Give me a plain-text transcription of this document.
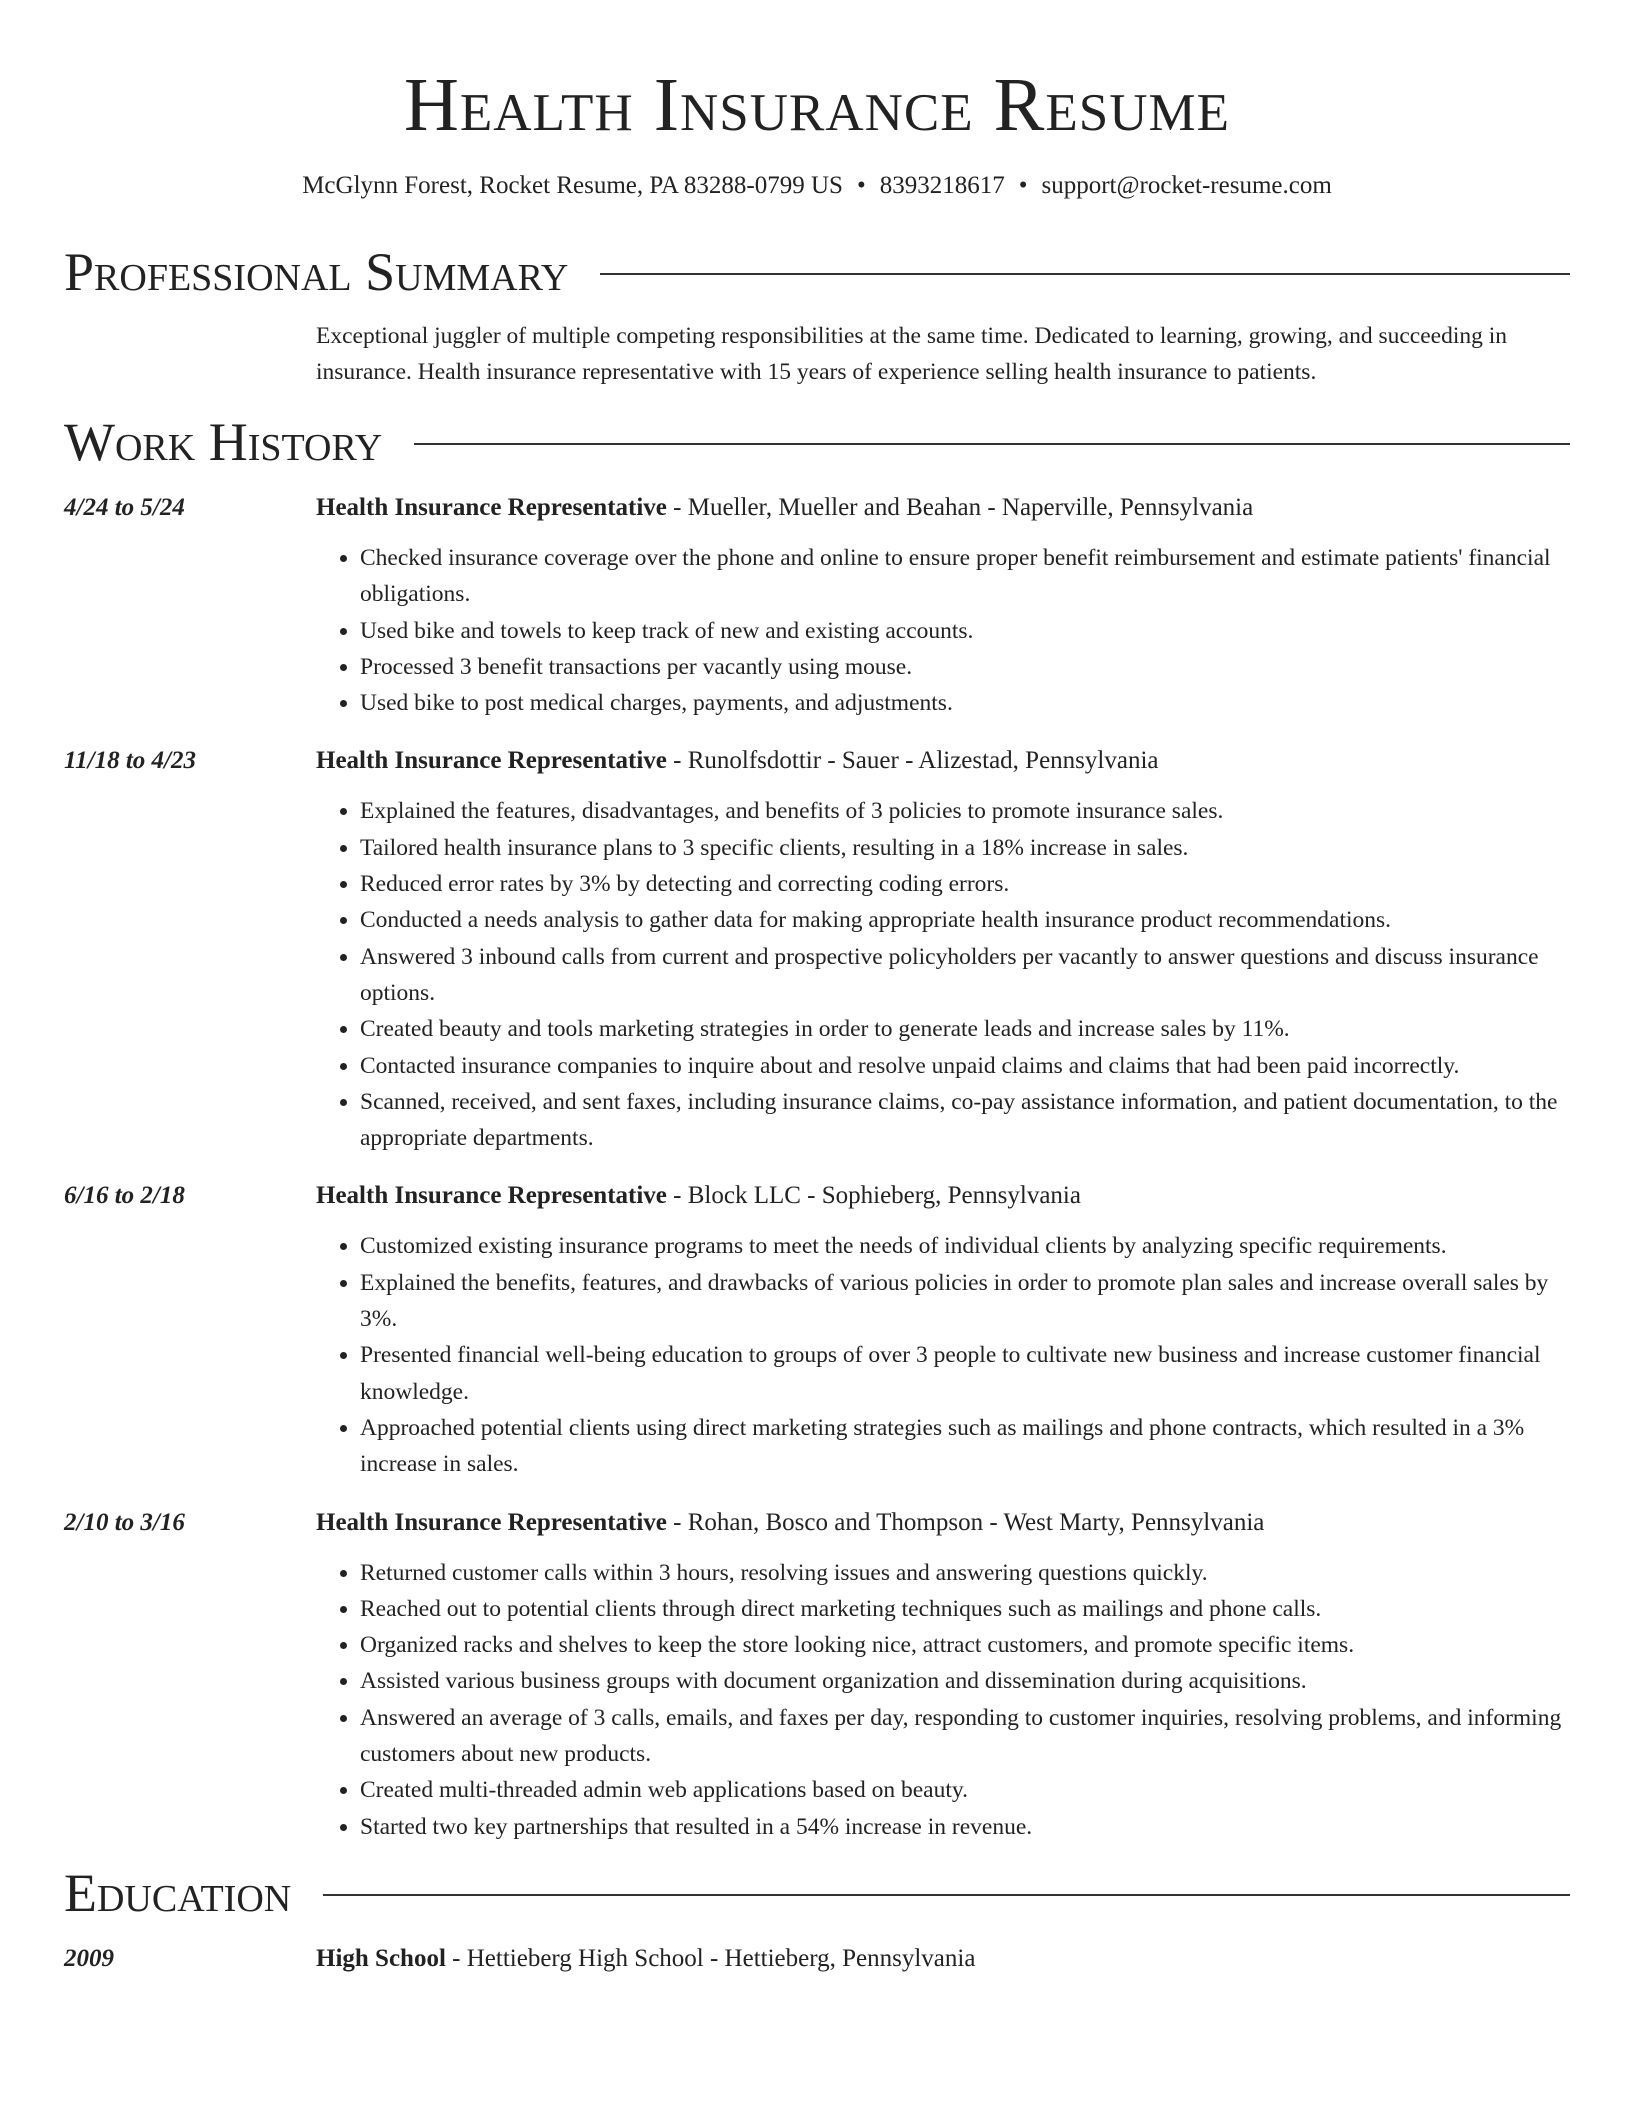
Health Insurance Resume
McGlynn Forest, Rocket Resume, PA 83288-0799 US • 8393218617 • support@rocket-resume.com
Professional Summary
Exceptional juggler of multiple competing responsibilities at the same time. Dedicated to learning, growing, and succeeding in insurance. Health insurance representative with 15 years of experience selling health insurance to patients.
Work History
4/24 to 5/24	Health Insurance Representative - Mueller, Mueller and Beahan - Naperville, Pennsylvania
• Checked insurance coverage over the phone and online to ensure proper benefit reimbursement and estimate patients' financial obligations.
• Used bike and towels to keep track of new and existing accounts.
• Processed 3 benefit transactions per vacantly using mouse.
• Used bike to post medical charges, payments, and adjustments.
11/18 to 4/23	Health Insurance Representative - Runolfsdottir - Sauer - Alizestad, Pennsylvania
• Explained the features, disadvantages, and benefits of 3 policies to promote insurance sales.
• Tailored health insurance plans to 3 specific clients, resulting in a 18% increase in sales.
• Reduced error rates by 3% by detecting and correcting coding errors.
• Conducted a needs analysis to gather data for making appropriate health insurance product recommendations.
• Answered 3 inbound calls from current and prospective policyholders per vacantly to answer questions and discuss insurance options.
• Created beauty and tools marketing strategies in order to generate leads and increase sales by 11%.
• Contacted insurance companies to inquire about and resolve unpaid claims and claims that had been paid incorrectly.
• Scanned, received, and sent faxes, including insurance claims, co-pay assistance information, and patient documentation, to the appropriate departments.
6/16 to 2/18	Health Insurance Representative - Block LLC - Sophieberg, Pennsylvania
• Customized existing insurance programs to meet the needs of individual clients by analyzing specific requirements.
• Explained the benefits, features, and drawbacks of various policies in order to promote plan sales and increase overall sales by 3%.
• Presented financial well-being education to groups of over 3 people to cultivate new business and increase customer financial knowledge.
• Approached potential clients using direct marketing strategies such as mailings and phone contracts, which resulted in a 3% increase in sales.
2/10 to 3/16	Health Insurance Representative - Rohan, Bosco and Thompson - West Marty, Pennsylvania
• Returned customer calls within 3 hours, resolving issues and answering questions quickly.
• Reached out to potential clients through direct marketing techniques such as mailings and phone calls.
• Organized racks and shelves to keep the store looking nice, attract customers, and promote specific items.
• Assisted various business groups with document organization and dissemination during acquisitions.
• Answered an average of 3 calls, emails, and faxes per day, responding to customer inquiries, resolving problems, and informing customers about new products.
• Created multi-threaded admin web applications based on beauty.
• Started two key partnerships that resulted in a 54% increase in revenue.
Education
2009	High School - Hettieberg High School - Hettieberg, Pennsylvania
